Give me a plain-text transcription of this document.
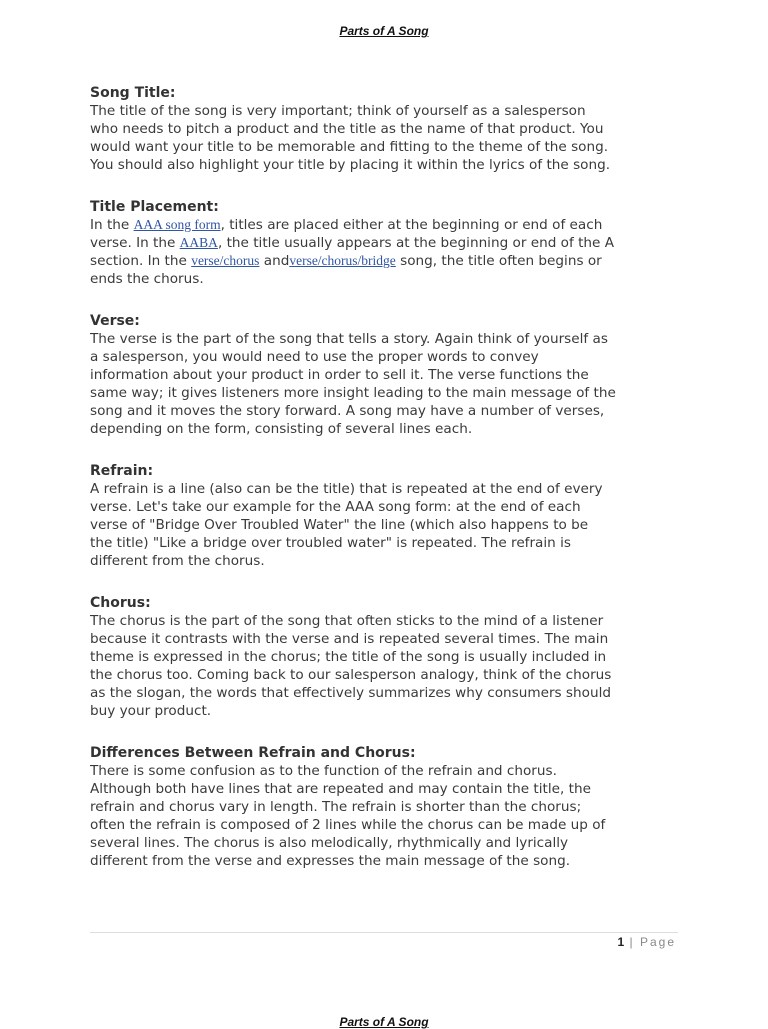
Parts of A Song
Song Title:
The title of the song is very important; think of yourself as a salesperson
who needs to pitch a product and the title as the name of that product. You
would want your title to be memorable and fitting to the theme of the song.
You should also highlight your title by placing it within the lyrics of the song.
Title Placement:
In the AAA song form, titles are placed either at the beginning or end of each
verse. In the AABA, the title usually appears at the beginning or end of the A
section. In the verse/chorus andverse/chorus/bridge song, the title often begins or
ends the chorus.
Verse:
The verse is the part of the song that tells a story. Again think of yourself as
a salesperson, you would need to use the proper words to convey
information about your product in order to sell it. The verse functions the
same way; it gives listeners more insight leading to the main message of the
song and it moves the story forward. A song may have a number of verses,
depending on the form, consisting of several lines each.
Refrain:
A refrain is a line (also can be the title) that is repeated at the end of every
verse. Let's take our example for the AAA song form: at the end of each
verse of "Bridge Over Troubled Water" the line (which also happens to be
the title) "Like a bridge over troubled water" is repeated. The refrain is
different from the chorus.
Chorus:
The chorus is the part of the song that often sticks to the mind of a listener
because it contrasts with the verse and is repeated several times. The main
theme is expressed in the chorus; the title of the song is usually included in
the chorus too. Coming back to our salesperson analogy, think of the chorus
as the slogan, the words that effectively summarizes why consumers should
buy your product.
Differences Between Refrain and Chorus:
There is some confusion as to the function of the refrain and chorus.
Although both have lines that are repeated and may contain the title, the
refrain and chorus vary in length. The refrain is shorter than the chorus;
often the refrain is composed of 2 lines while the chorus can be made up of
several lines. The chorus is also melodically, rhythmically and lyrically
different from the verse and expresses the main message of the song.
1 | Page
Parts of A Song
